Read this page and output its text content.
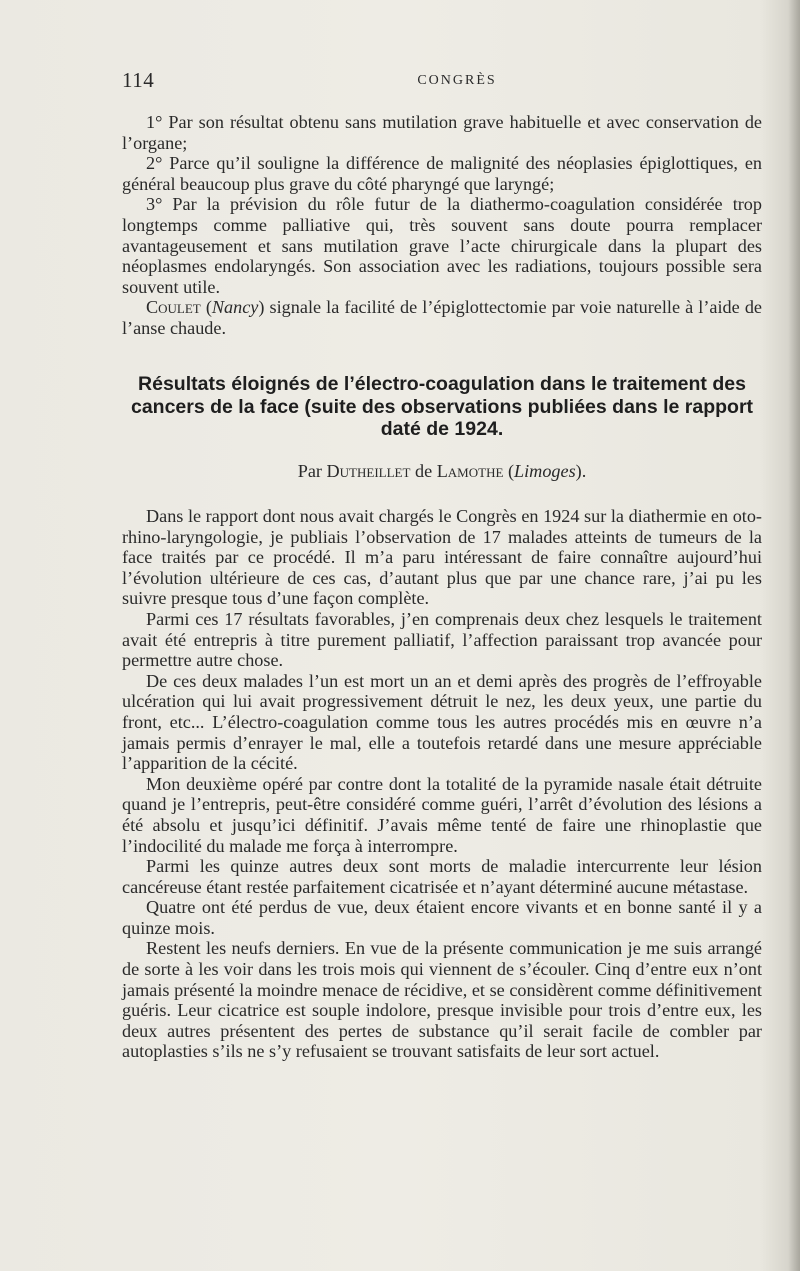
114	CONGRÈS

1° Par son résultat obtenu sans mutilation grave habituelle et avec conservation de l’organe;

2° Parce qu’il souligne la différence de malignité des néoplasies épiglottiques, en général beaucoup plus grave du côté pharyngé que laryngé;

3° Par la prévision du rôle futur de la diathermo-coagulation considérée trop longtemps comme palliative qui, très souvent sans doute pourra remplacer avantageusement et sans mutilation grave l’acte chirurgicale dans la plupart des néoplasmes endolaryngés. Son association avec les radiations, toujours possible sera souvent utile.

Coulet (Nancy) signale la facilité de l’épiglottectomie par voie naturelle à l’aide de l’anse chaude.

Résultats éloignés de l’électro-coagulation dans le traitement des cancers de la face (suite des observations publiées dans le rapport daté de 1924.
Par Dutheillet de Lamothe (Limoges).

Dans le rapport dont nous avait chargés le Congrès en 1924 sur la diathermie en oto-rhino-laryngologie, je publiais l’observation de 17 malades atteints de tumeurs de la face traités par ce procédé. Il m’a paru intéressant de faire connaître aujourd’hui l’évolution ultérieure de ces cas, d’autant plus que par une chance rare, j’ai pu les suivre presque tous d’une façon complète.

Parmi ces 17 résultats favorables, j’en comprenais deux chez lesquels le traitement avait été entrepris à titre purement palliatif, l’affection paraissant trop avancée pour permettre autre chose.

De ces deux malades l’un est mort un an et demi après des progrès de l’effroyable ulcération qui lui avait progressivement détruit le nez, les deux yeux, une partie du front, etc... L’électro-coagulation comme tous les autres procédés mis en œuvre n’a jamais permis d’enrayer le mal, elle a toutefois retardé dans une mesure appréciable l’apparition de la cécité.

Mon deuxième opéré par contre dont la totalité de la pyramide nasale était détruite quand je l’entrepris, peut-être considéré comme guéri, l’arrêt d’évolution des lésions a été absolu et jusqu’ici définitif. J’avais même tenté de faire une rhinoplastie que l’indocilité du malade me força à interrompre.

Parmi les quinze autres deux sont morts de maladie intercurrente leur lésion cancéreuse étant restée parfaitement cicatrisée et n’ayant déterminé aucune métastase.

Quatre ont été perdus de vue, deux étaient encore vivants et en bonne santé il y a quinze mois.

Restent les neufs derniers. En vue de la présente communication je me suis arrangé de sorte à les voir dans les trois mois qui viennent de s’écouler. Cinq d’entre eux n’ont jamais présenté la moindre menace de récidive, et se considèrent comme définitivement guéris. Leur cicatrice est souple indolore, presque invisible pour trois d’entre eux, les deux autres présentent des pertes de substance qu’il serait facile de combler par autoplasties s’ils ne s’y refusaient se trouvant satisfaits de leur sort actuel.
